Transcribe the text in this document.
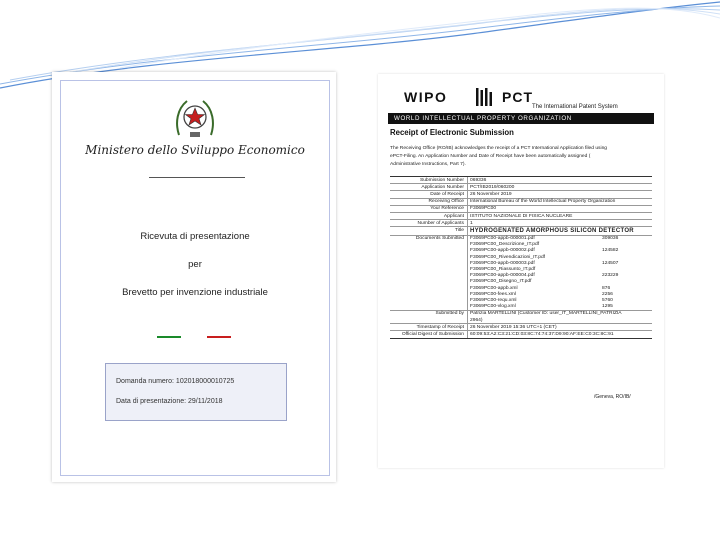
Ministero dello Sviluppo Economico
Ricevuta di presentazione
per
Brevetto per invenzione industriale
Domanda numero: 102018000010725
Data di presentazione: 29/11/2018
WIPO	PCT
The International Patent System
WORLD INTELLECTUAL PROPERTY ORGANIZATION
Receipt of Electronic Submission
The Receiving Office (RO/IB) acknowledges the receipt of a PCT International Application filed using
ePCT-Filing. An Application Number and Date of Receipt have been automatically assigned (
Administrative Instructions, Part 7).
Submission Number	069336
Application Number	PCT/IB2019/060200
Date of Receipt	26 November 2019
Receiving Office	International Bureau of the World Intellectual Property Organization
Your Reference	F3069PC00
Applicant	ISTITUTO NAZIONALE DI FISICA NUCLEARE
Number of Applicants	1
Title	HYDROGENATED AMORPHOUS SILICON DETECTOR
Documents Submitted	F3069PC00-appb-000001.pdf	309036
F3069PC00_Descrizione_IT.pdf
F3069PC00-appb-000002.pdf	124582
F3069PC00_Rivendicazioni_IT.pdf
F3069PC00-appb-000003.pdf	124507
F3069PC00_Riassunto_IT.pdf
F3069PC00-appb-000004.pdf	223229
F3069PC00_Disegno_IT.pdf
F3069PC00-appb.xml	876
F3069PC00-fees.xml	2256
F3069PC00-requ.xml	5760
F3069PC00-vlog.xml	1295
Submitted by	Patrizia MARTELLINI (Customer ID: user_IT_MARTELLINI_PATRIZIA
2964)
Timestamp of Receipt	26 November 2019 15:36 UTC+1 (CET)
Official Digest of Submission	60:09:53:A2:C3:21:CD:03:8C:74:74:37:D9:90:AF:EE:C0:3C:8C:91
/Geneva, RO/IB/
